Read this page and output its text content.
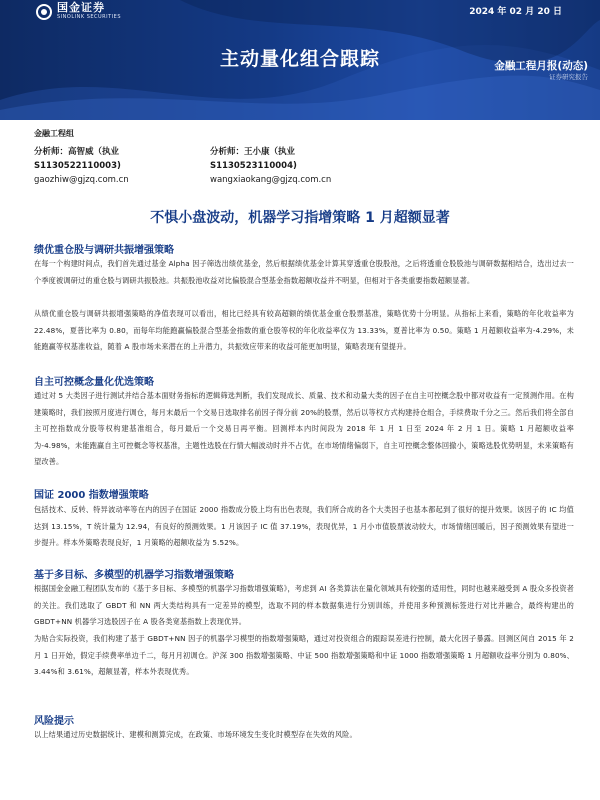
国金证券
SINOLINK SECURITIES	2024 年 02 月 20 日
主动量化组合跟踪	金融工程月报(动态)
证券研究报告
金融工程组
分析师：高智威（执业
S1130522110003)
gaozhiw@gjzq.com.cn
分析师：王小康（执业
S1130523110004)
wangxiaokang@gjzq.com.cn
不惧小盘波动，机器学习指增策略 1 月超额显著
绩优重仓股与调研共振增强策略
在每一个构建时间点，我们首先通过基金 Alpha 因子筛选出绩优基金，然后根据绩优基金计算其穿透重仓股股池，之后将透重仓股股池与调研数据相结合，选出过去一个季度被调研过的重仓股与调研共振股池。共振股池收益对比偏股混合型基金指数超额收益并不明显，但相对于各类重要指数超额显著。
从绩优重仓股与调研共振增强策略的净值表现可以看出，相比已经具有较高超额的绩优基金重仓股票基准，策略优势十分明显。从指标上来看，策略的年化收益率为 22.48%，夏普比率为 0.80，而每年均能跑赢偏股混合型基金指数的重仓股等权的年化收益率仅为 13.33%，夏普比率为 0.50。策略 1 月超额收益率为-4.29%，未能跑赢等权基准收益，随着 A 股市场未来潜在的上升潜力，共振效应带来的收益可能更加明显，策略表现有望提升。
自主可控概念量化优选策略
通过对 5 大类因子进行测试并结合基本面财务指标的逻辑筛选判断，我们发现成长、质量、技术和动量大类的因子在自主可控概念股中都对收益有一定预测作用。在构建策略时，我们按照月度进行调仓，每月末最后一个交易日选取排名前因子得分前 20%的股票，然后以等权方式构建持仓组合，手续费取千分之三。然后我们将全部自主可控指数成分股等权构建基准组合，每月最后一个交易日再平衡。回测样本内时间段为 2018 年 1 月 1 日至 2024 年 2 月 1 日。策略 1 月超额收益率为-4.98%，未能跑赢自主可控概念等权基准，主题性选股在行情大幅波动时并不占优，在市场情绪偏弱下，自主可控概念整体回撤小，策略选股优势明显，未来策略有望改善。
国证 2000 指数增强策略
包括技术、反转、特异波动率等在内的因子在国证 2000 指数成分股上均有出色表现，我们所合成的各个大类因子也基本都起到了很好的提升效果。该因子的 IC 均值达到 13.15%，T 统计量为 12.94，有良好的预测效果。1 月该因子 IC 值 37.19%，表现优异，1 月小市值股票波动较大，市场情绪回暖后，因子预测效果有望进一步提升。样本外策略表现良好，1 月策略的超额收益为 5.52%。
基于多目标、多模型的机器学习指数增强策略
根据国金金融工程团队发布的《基于多目标、多模型的机器学习指数增强策略》，考虑到 AI 各类算法在量化领域具有较强的适用性，同时也越来越受到 A 股众多投资者的关注。我们选取了 GBDT 和 NN 两大类结构具有一定差异的模型，选取不同的样本数据集进行分别训练，并使用多种预测标签进行对比并融合，最终构建出的 GBDT+NN 机器学习选股因子在 A 股各类宽基指数上表现优异。
为贴合实际投资，我们构建了基于 GBDT+NN 因子的机器学习模型的指数增强策略，通过对投资组合的跟踪误差进行控制，最大化因子暴露。回测区间自 2015 年 2 月 1 日开始，假定手续费率单边千二，每月月初调仓。沪深 300 指数增强策略、中证 500 指数增强策略和中证 1000 指数增强策略 1 月超额收益率分别为 0.80%、3.44%和 3.61%，超额显著，样本外表现优秀。
风险提示
以上结果通过历史数据统计、建模和测算完成，在政策、市场环境发生变化时模型存在失效的风险。
